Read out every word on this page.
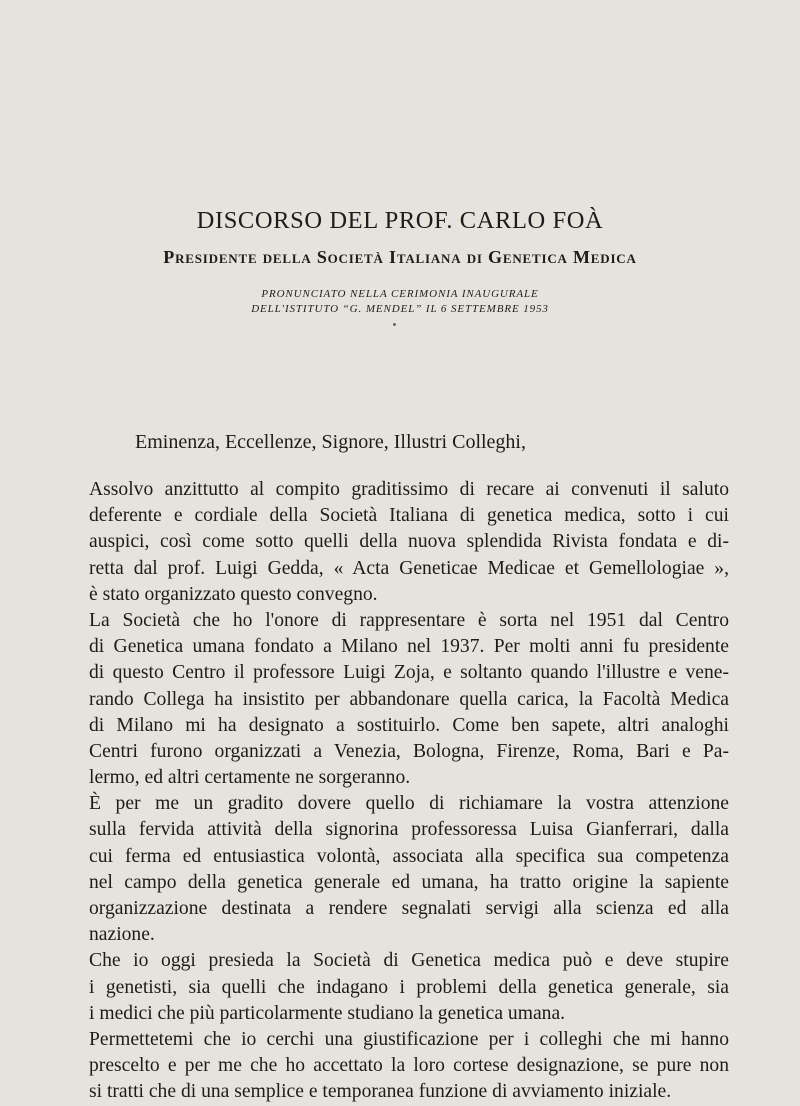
DISCORSO DEL PROF. CARLO FOÀ
Presidente della Società Italiana di Genetica Medica
PRONUNCIATO NELLA CERIMONIA INAUGURALE
DELL'ISTITUTO “G. MENDEL” IL 6 SETTEMBRE 1953

Eminenza, Eccellenze, Signore, Illustri Colleghi,

Assolvo anzittutto al compito graditissimo di recare ai convenuti il saluto
deferente e cordiale della Società Italiana di genetica medica, sotto i cui
auspici, così come sotto quelli della nuova splendida Rivista fondata e di-
retta dal prof. Luigi Gedda, « Acta Geneticae Medicae et Gemellologiae »,
è stato organizzato questo convegno.
La Società che ho l'onore di rappresentare è sorta nel 1951 dal Centro
di Genetica umana fondato a Milano nel 1937. Per molti anni fu presidente
di questo Centro il professore Luigi Zoja, e soltanto quando l'illustre e vene-
rando Collega ha insistito per abbandonare quella carica, la Facoltà Medica
di Milano mi ha designato a sostituirlo. Come ben sapete, altri analoghi
Centri furono organizzati a Venezia, Bologna, Firenze, Roma, Bari e Pa-
lermo, ed altri certamente ne sorgeranno.
È per me un gradito dovere quello di richiamare la vostra attenzione
sulla fervida attività della signorina professoressa Luisa Gianferrari, dalla
cui ferma ed entusiastica volontà, associata alla specifica sua competenza
nel campo della genetica generale ed umana, ha tratto origine la sapiente
organizzazione destinata a rendere segnalati servigi alla scienza ed alla
nazione.
Che io oggi presieda la Società di Genetica medica può e deve stupire
i genetisti, sia quelli che indagano i problemi della genetica generale, sia
i medici che più particolarmente studiano la genetica umana.
Permettetemi che io cerchi una giustificazione per i colleghi che mi hanno
prescelto e per me che ho accettato la loro cortese designazione, se pure non
si tratti che di una semplice e temporanea funzione di avviamento iniziale.
